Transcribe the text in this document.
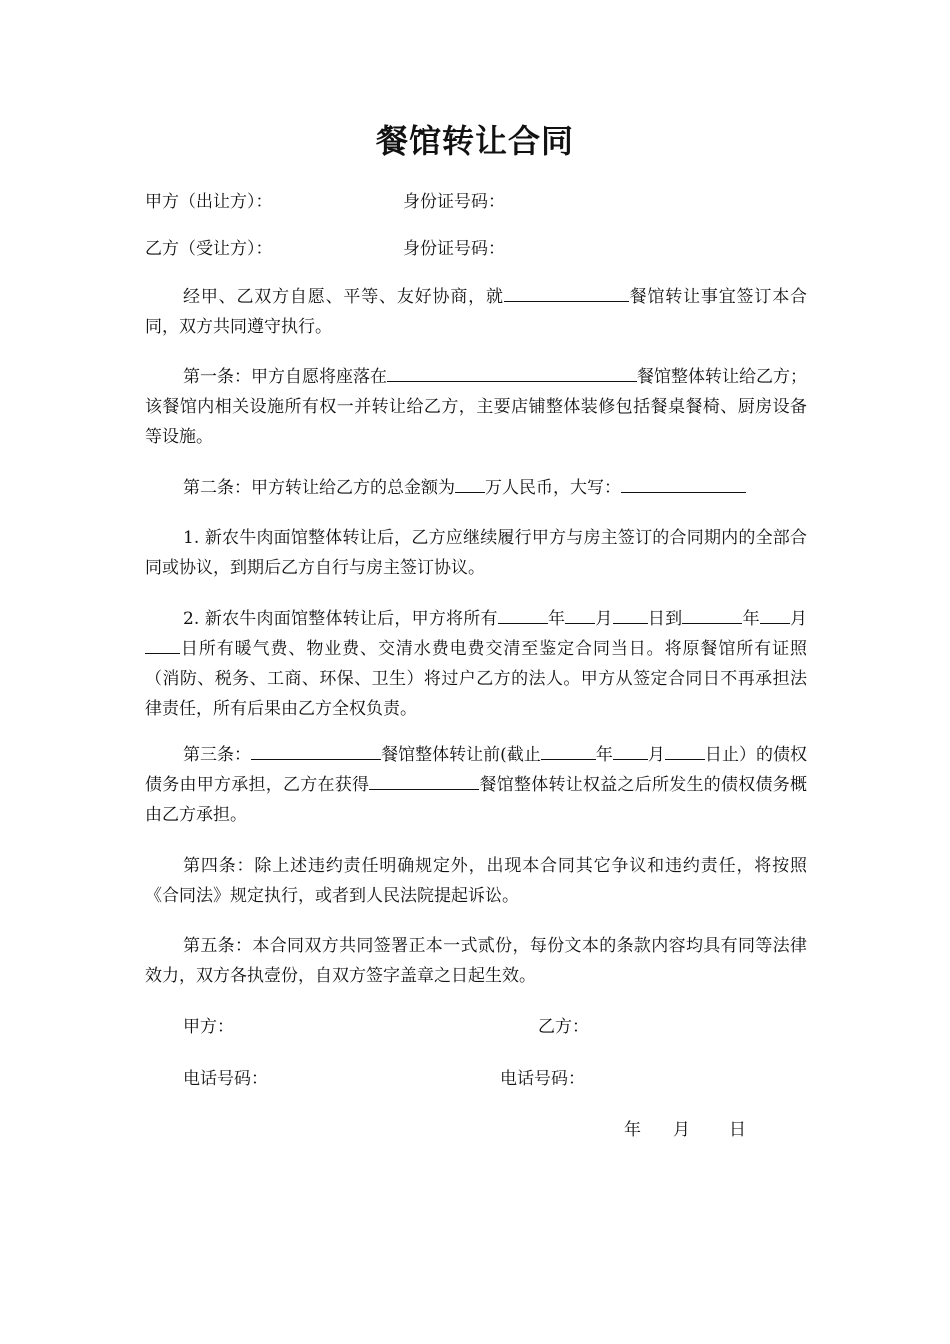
餐馆转让合同
甲方（出让方）：	身份证号码：
乙方（受让方）：	身份证号码：
经甲、乙双方自愿、平等、友好协商，就	餐馆转让事宜签订本合同，双方共同遵守执行。
第一条：甲方自愿将座落在	餐馆整体转让给乙方；该餐馆内相关设施所有权一并转让给乙方，主要店铺整体装修包括餐桌餐椅、厨房设备等设施。
第二条：甲方转让给乙方的总金额为 万人民币，大写：
1. 新农牛肉面馆整体转让后，乙方应继续履行甲方与房主签订的合同期内的全部合同或协议，到期后乙方自行与房主签订协议。
2. 新农牛肉面馆整体转让后，甲方将所有	年 月 日到	年 月日所有暖气费、物业费、交清水费电费交清至鉴定合同当日。将原餐馆所有证照（消防、税务、工商、环保、卫生）将过户乙方的法人。甲方从签定合同日不再承担法律责任，所有后果由乙方全权负责。
第三条：	餐馆整体转让前(截止	年 月 日止）的债权债务由甲方承担，乙方在获得	餐馆整体转让权益之后所发生的债权债务概由乙方承担。
第四条：除上述违约责任明确规定外，出现本合同其它争议和违约责任，将按照《合同法》规定执行，或者到人民法院提起诉讼。
第五条：本合同双方共同签署正本一式贰份，每份文本的条款内容均具有同等法律效力，双方各执壹份，自双方签字盖章之日起生效。
甲方：	乙方：
电话号码：	电话号码：
年 月 日
